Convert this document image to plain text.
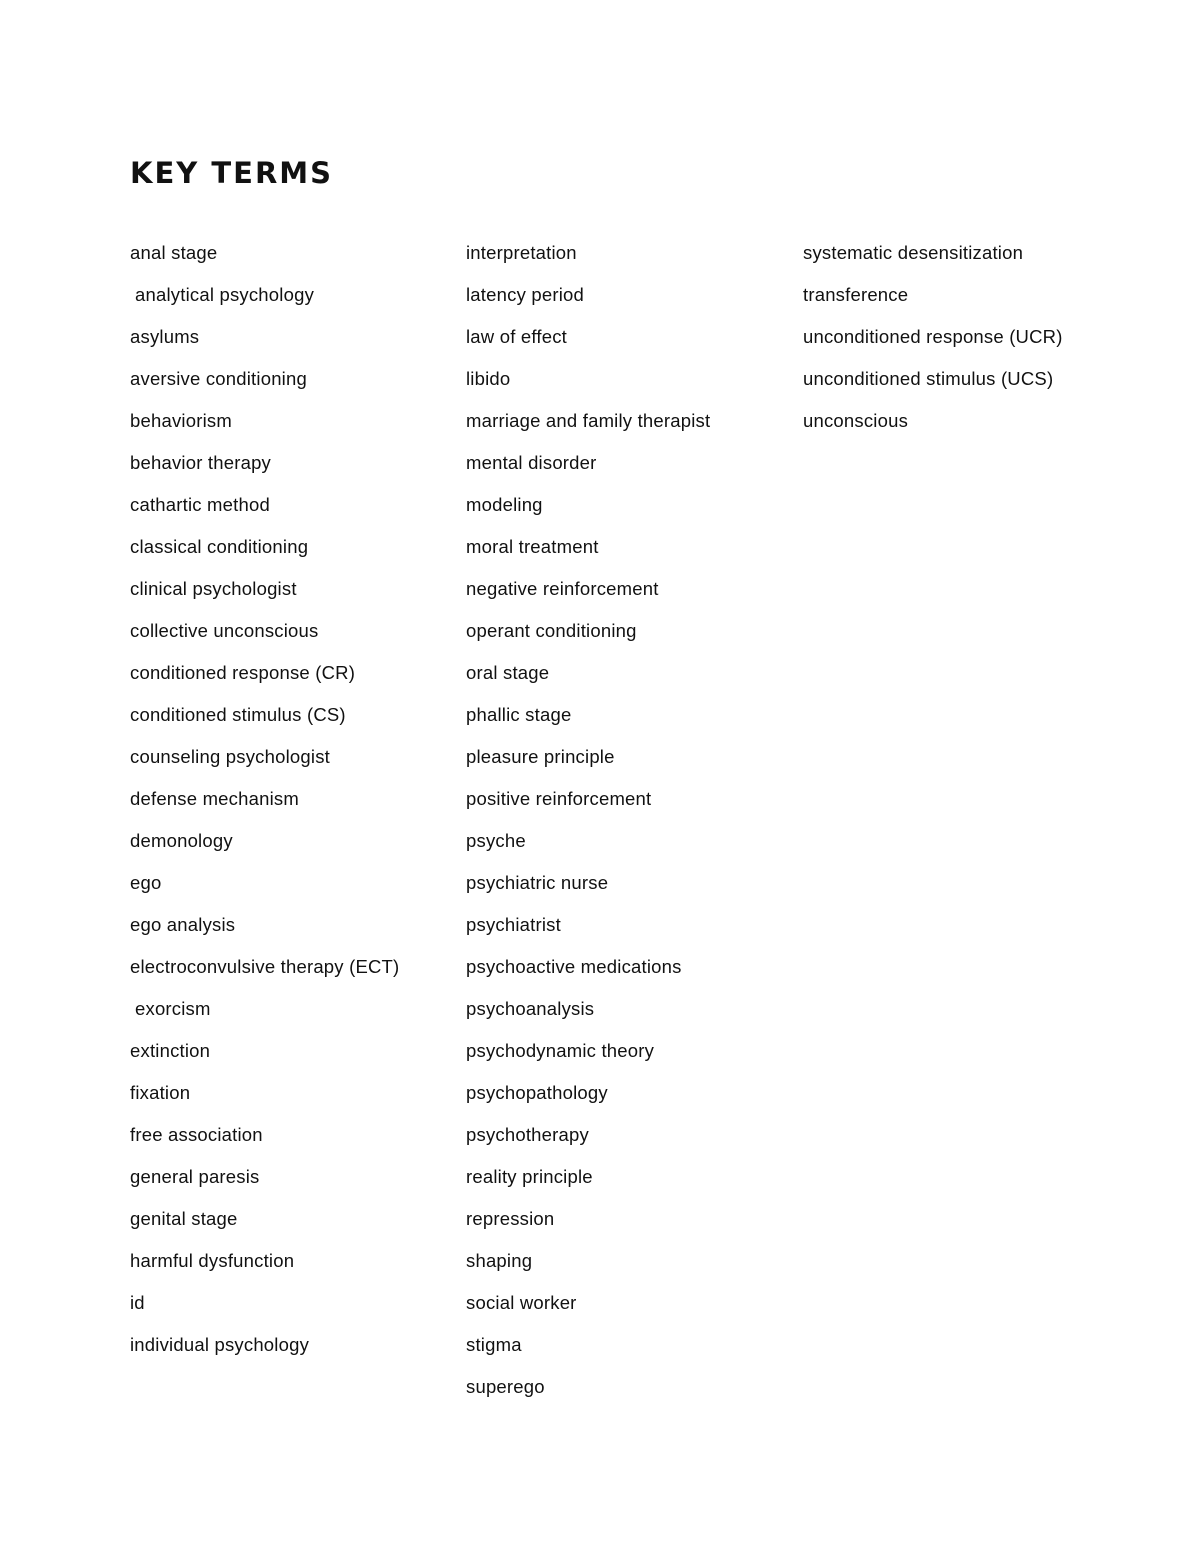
KEY TERMS
anal stage
analytical psychology
asylums
aversive conditioning
behaviorism
behavior therapy
cathartic method
classical conditioning
clinical psychologist
collective unconscious
conditioned response (CR)
conditioned stimulus (CS)
counseling psychologist
defense mechanism
demonology
ego
ego analysis
electroconvulsive therapy (ECT)
exorcism
extinction
fixation
free association
general paresis
genital stage
harmful dysfunction
id
individual psychology
interpretation
latency period
law of effect
libido
marriage and family therapist
mental disorder
modeling
moral treatment
negative reinforcement
operant conditioning
oral stage
phallic stage
pleasure principle
positive reinforcement
psyche
psychiatric nurse
psychiatrist
psychoactive medications
psychoanalysis
psychodynamic theory
psychopathology
psychotherapy
reality principle
repression
shaping
social worker
stigma
superego
systematic desensitization
transference
unconditioned response (UCR)
unconditioned stimulus (UCS)
unconscious
